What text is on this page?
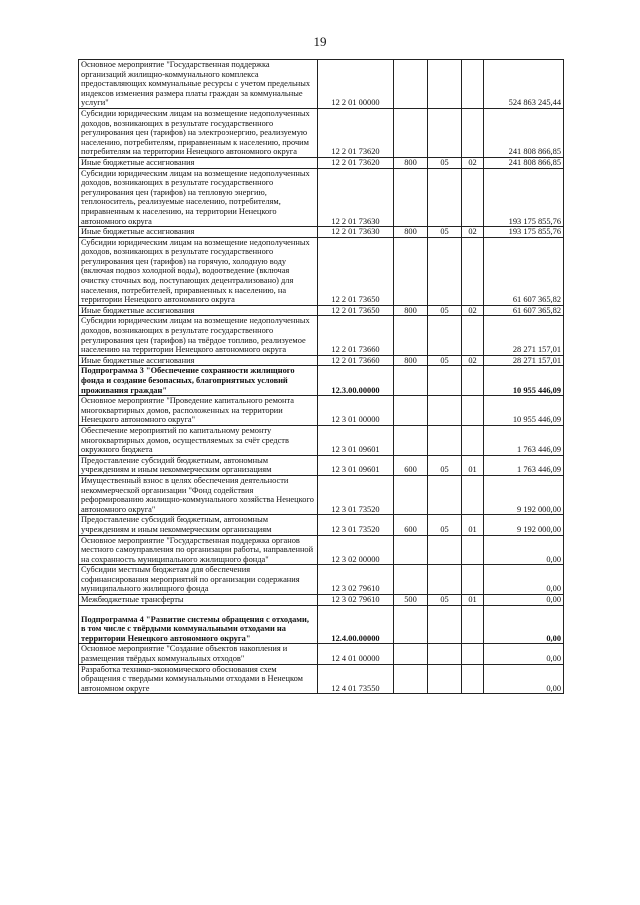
19
Основное мероприятие "Государственная поддержка организаций жилищно-коммунального комплекса предоставляющих коммунальные ресурсы с учетом предельных индексов изменения размера платы граждан за коммунальные услуги"	12 2 01 00000				524 863 245,44
Субсидии юридическим лицам на возмещение недополученных доходов, возникающих в результате государственного регулирования цен (тарифов) на электроэнергию, реализуемую населению, потребителям, приравненным к населению, прочим потребителям на территории Ненецкого автономного округа	12 2 01 73620				241 808 866,85
Иные бюджетные ассигнования	12 2 01 73620	800	05	02	241 808 866,85
Субсидии юридическим лицам на возмещение недополученных доходов, возникающих в результате государственного регулирования цен (тарифов) на тепловую энергию, теплоноситель, реализуемые населению, потребителям, приравненным к населению, на территории Ненецкого автономного округа	12 2 01 73630				193 175 855,76
Иные бюджетные ассигнования	12 2 01 73630	800	05	02	193 175 855,76
Субсидии юридическим лицам на возмещение недополученных доходов, возникающих в результате государственного регулирования цен (тарифов) на горячую, холодную воду (включая подвоз холодной воды), водоотведение (включая очистку сточных вод, поступающих децентрализовано) для населения, потребителей, приравненных к населению, на территории Ненецкого автономного округа	12 2 01 73650				61 607 365,82
Иные бюджетные ассигнования	12 2 01 73650	800	05	02	61 607 365,82
Субсидии юридическим лицам на возмещение недополученных доходов, возникающих в результате государственного регулирования цен (тарифов) на твёрдое топливо, реализуемое населению на территории Ненецкого автономного округа	12 2 01 73660				28 271 157,01
Иные бюджетные ассигнования	12 2 01 73660	800	05	02	28 271 157,01
Подпрограмма 3 "Обеспечение сохранности жилищного фонда и создание безопасных, благоприятных условий проживания граждан"	12.3.00.00000				10 955 446,09
Основное мероприятие "Проведение капитального ремонта многоквартирных домов, расположенных на территории Ненецкого автономного округа"	12 3 01 00000				10 955 446,09
Обеспечение мероприятий по капитальному ремонту многоквартирных домов, осуществляемых за счёт средств окружного бюджета	12 3 01 09601				1 763 446,09
Предоставление субсидий бюджетным, автономным учреждениям и иным некоммерческим организациям	12 3 01 09601	600	05	01	1 763 446,09
Имущественный взнос в целях обеспечения деятельности некоммерческой организации "Фонд содействия реформированию жилищно-коммунального хозяйства Ненецкого автономного округа"	12 3 01 73520				9 192 000,00
Предоставление субсидий бюджетным, автономным учреждениям и иным некоммерческим организациям	12 3 01 73520	600	05	01	9 192 000,00
Основное мероприятие "Государственная поддержка органов местного самоуправления по организации работы, направленной на сохранность муниципального жилищного фонда"	12 3 02 00000				0,00
Субсидии местным бюджетам для обеспечения софинансирования мероприятий по организации содержания муниципального жилищного фонда	12 3 02 79610				0,00
Межбюджетные трансферты	12 3 02 79610	500	05	01	0,00
Подпрограмма 4 "Развитие системы обращения с отходами, в том числе с твёрдыми коммунальными отходами на территории Ненецкого автономного округа"	12.4.00.00000				0,00
Основное мероприятие "Создание объектов накопления и размещения твёрдых коммунальных отходов"	12 4 01 00000				0,00
Разработка технико-экономического обоснования схем обращения с твердыми коммунальными отходами в Ненецком автономном округе	12 4 01 73550				0,00
